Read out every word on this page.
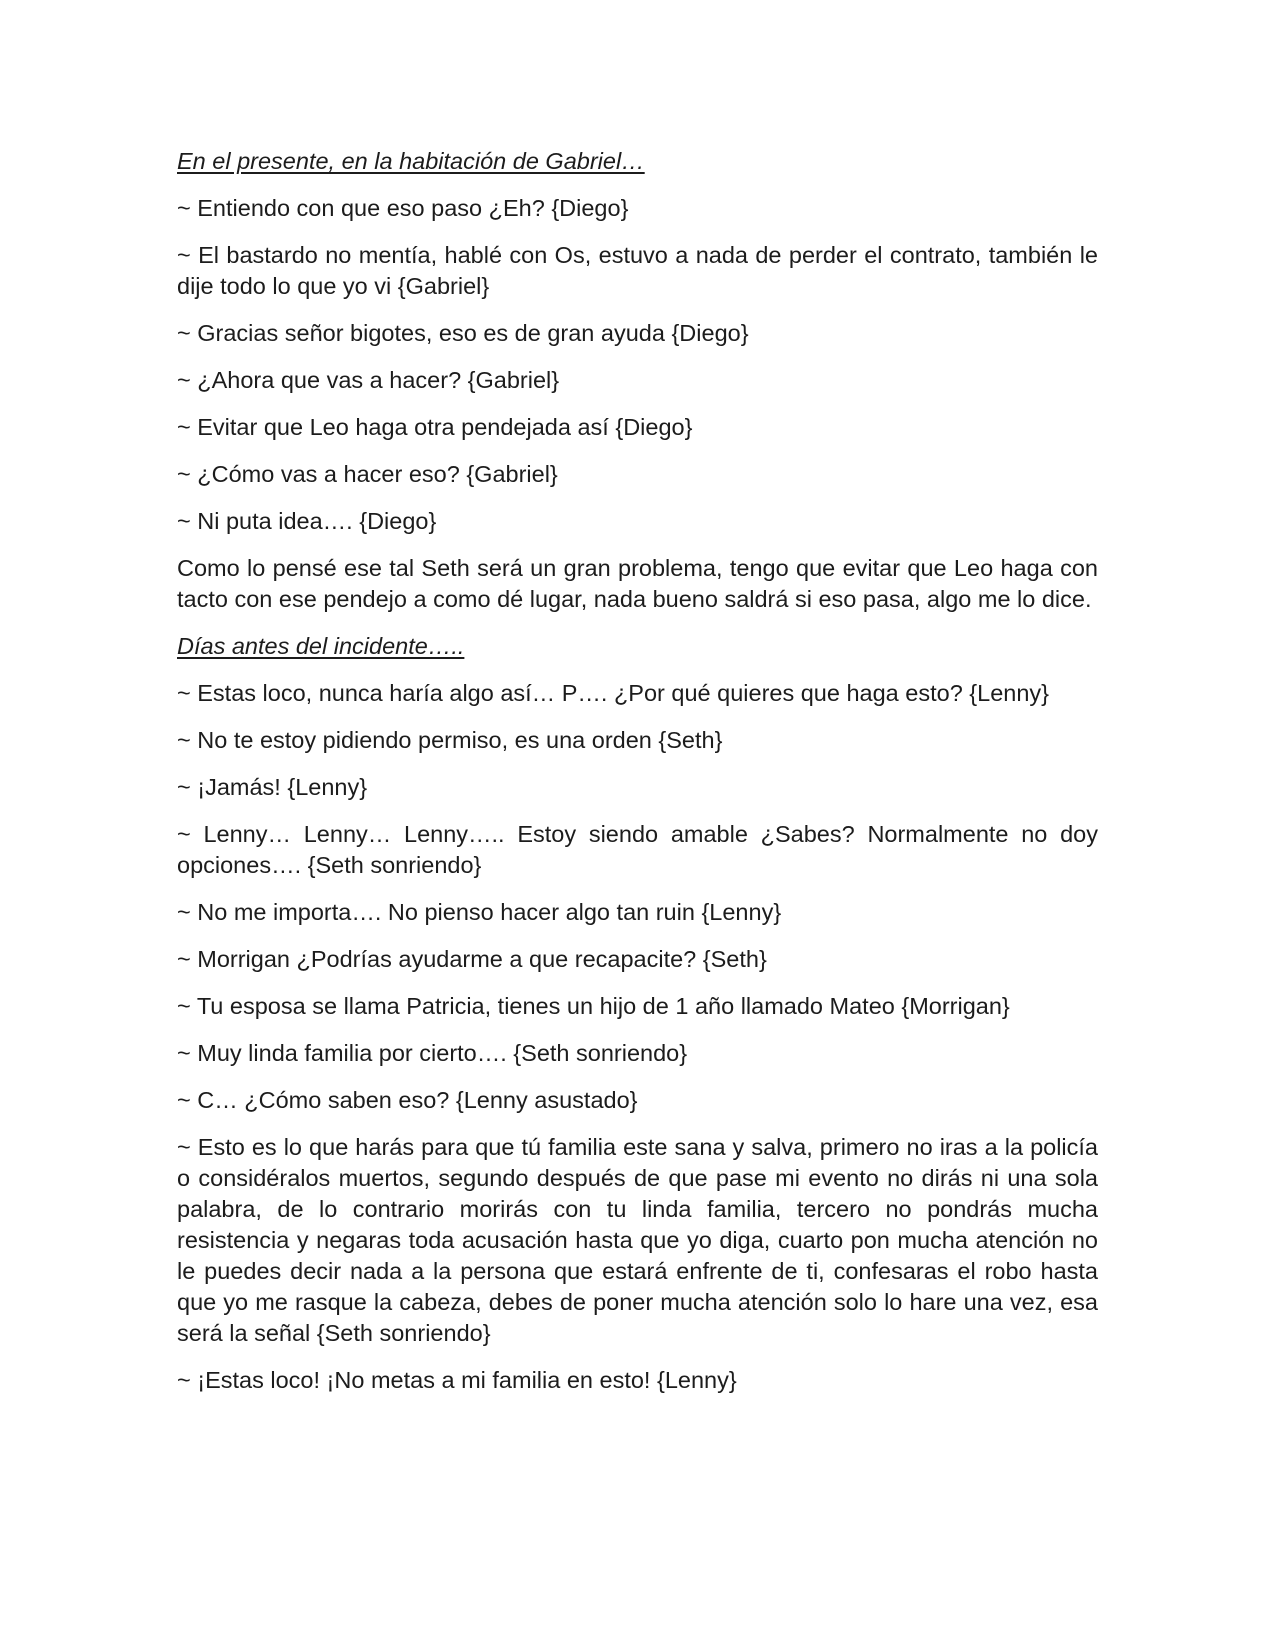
En el presente, en la habitación de Gabriel…

~ Entiendo con que eso paso ¿Eh? {Diego}

~ El bastardo no mentía, hablé con Os, estuvo a nada de perder el contrato, también le dije todo lo que yo vi {Gabriel}

~ Gracias señor bigotes, eso es de gran ayuda {Diego}

~ ¿Ahora que vas a hacer? {Gabriel}

~ Evitar que Leo haga otra pendejada así {Diego}

~ ¿Cómo vas a hacer eso? {Gabriel}

~ Ni puta idea…. {Diego}

Como lo pensé ese tal Seth será un gran problema, tengo que evitar que Leo haga con tacto con ese pendejo a como dé lugar, nada bueno saldrá si eso pasa, algo me lo dice.

Días antes del incidente…..

~ Estas loco, nunca haría algo así… P…. ¿Por qué quieres que haga esto? {Lenny}

~ No te estoy pidiendo permiso, es una orden {Seth}

~ ¡Jamás! {Lenny}

~ Lenny… Lenny… Lenny….. Estoy siendo amable ¿Sabes? Normalmente no doy opciones…. {Seth sonriendo}

~ No me importa…. No pienso hacer algo tan ruin {Lenny}

~ Morrigan ¿Podrías ayudarme a que recapacite? {Seth}

~ Tu esposa se llama Patricia, tienes un hijo de 1 año llamado Mateo {Morrigan}

~ Muy linda familia por cierto…. {Seth sonriendo}

~ C… ¿Cómo saben eso? {Lenny asustado}

~ Esto es lo que harás para que tú familia este sana y salva, primero no iras a la policía o considéralos muertos, segundo después de que pase mi evento no dirás ni una sola palabra, de lo contrario morirás con tu linda familia, tercero no pondrás mucha resistencia y negaras toda acusación hasta que yo diga, cuarto pon mucha atención no le puedes decir nada a la persona que estará enfrente de ti, confesaras el robo hasta que yo me rasque la cabeza, debes de poner mucha atención solo lo hare una vez, esa será la señal {Seth sonriendo}

~ ¡Estas loco! ¡No metas a mi familia en esto! {Lenny}
